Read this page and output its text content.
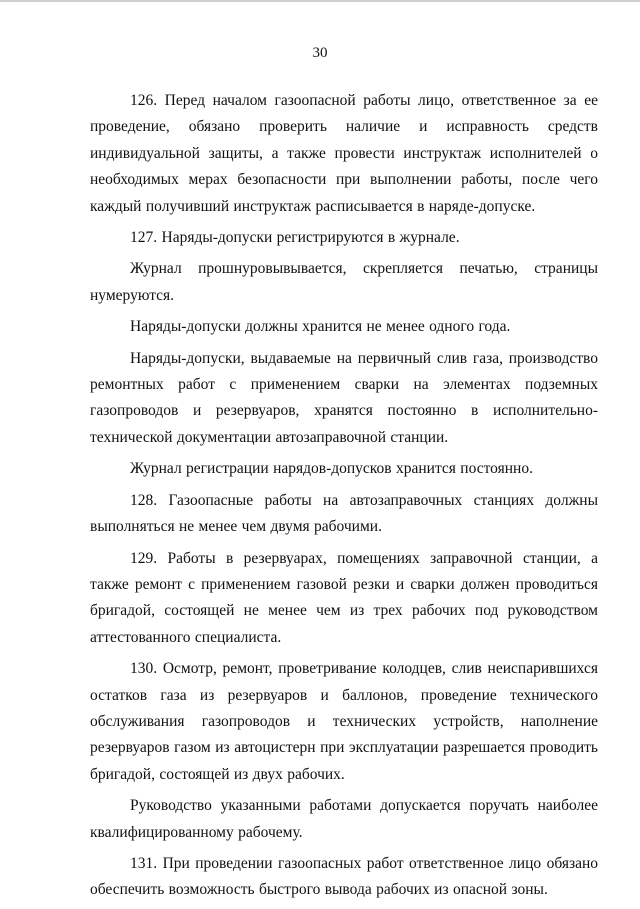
30

126. Перед началом газоопасной работы лицо, ответственное за ее проведение, обязано проверить наличие и исправность средств индивидуальной защиты, а также провести инструктаж исполнителей о необходимых мерах безопасности при выполнении работы, после чего каждый получивший инструктаж расписывается в наряде-допуске.

127. Наряды-допуски регистрируются в журнале.

Журнал прошнуровывывается, скрепляется печатью, страницы нумеруются.

Наряды-допуски должны хранится не менее одного года.

Наряды-допуски, выдаваемые на первичный слив газа, производство ремонтных работ с применением сварки на элементах подземных газопроводов и резервуаров, хранятся постоянно в исполнительно-технической документации автозаправочной станции.

Журнал регистрации нарядов-допусков хранится постоянно.

128. Газоопасные работы на автозаправочных станциях должны выполняться не менее чем двумя рабочими.

129. Работы в резервуарах, помещениях заправочной станции, а также ремонт с применением газовой резки и сварки должен проводиться бригадой, состоящей не менее чем из трех рабочих под руководством аттестованного специалиста.

130. Осмотр, ремонт, проветривание колодцев, слив неиспарившихся остатков газа из резервуаров и баллонов, проведение технического обслуживания газопроводов и технических устройств, наполнение резервуаров газом из автоцистерн при эксплуатации разрешается проводить бригадой, состоящей из двух рабочих.

Руководство указанными работами допускается поручать наиболее квалифицированному рабочему.

131. При проведении газоопасных работ ответственное лицо обязано обеспечить возможность быстрого вывода рабочих из опасной зоны.
